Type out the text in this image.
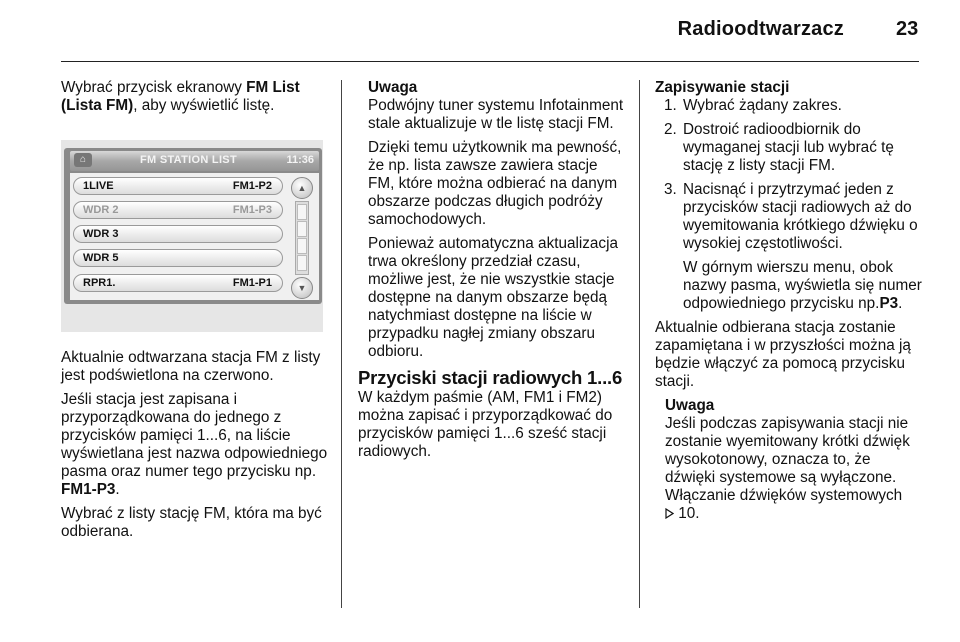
Radioodtwarzacz	23

Wybrać przycisk ekranowy FM List (Lista FM), aby wyświetlić listę.

⌂	FM STATION LIST	11:36
1LIVE	FM1-P2
WDR 2	FM1-P3
WDR 3
WDR 5
RPR1.	FM1-P1
▲
▼

Aktualnie odtwarzana stacja FM z listy jest podświetlona na czerwono.

Jeśli stacja jest zapisana i przyporządkowana do jednego z przycisków pamięci 1...6, na liście wyświetlana jest nazwa odpowiedniego pasma oraz numer tego przycisku np. FM1-P3.

Wybrać z listy stację FM, która ma być odbierana.

Uwaga

Podwójny tuner systemu Infotainment stale aktualizuje w tle listę stacji FM.

Dzięki temu użytkownik ma pewność, że np. lista zawsze zawiera stacje FM, które można odbierać na danym obszarze podczas długich podróży samochodowych.

Ponieważ automatyczna aktualizacja trwa określony przedział czasu, możliwe jest, że nie wszystkie stacje dostępne na danym obszarze będą natychmiast dostępne na liście w przypadku nagłej zmiany obszaru odbioru.

Przyciski stacji radiowych 1...6

W każdym paśmie (AM, FM1 i FM2) można zapisać i przyporządkować do przycisków pamięci 1...6 sześć stacji radiowych.

Zapisywanie stacji
1. Wybrać żądany zakres.
2. Dostroić radioodbiornik do wymaganej stacji lub wybrać tę stację z listy stacji FM.
3. Nacisnąć i przytrzymać jeden z przycisków stacji radiowych aż do wyemitowania krótkiego dźwięku o wysokiej częstotliwości.
W górnym wierszu menu, obok nazwy pasma, wyświetla się numer odpowiedniego przycisku np.P3.

Aktualnie odbierana stacja zostanie zapamiętana i w przyszłości można ją będzie włączyć za pomocą przycisku stacji.

Uwaga
Jeśli podczas zapisywania stacji nie zostanie wyemitowany krótki dźwięk wysokotonowy, oznacza to, że dźwięki systemowe są wyłączone. Włączanie dźwięków systemowych
10.
